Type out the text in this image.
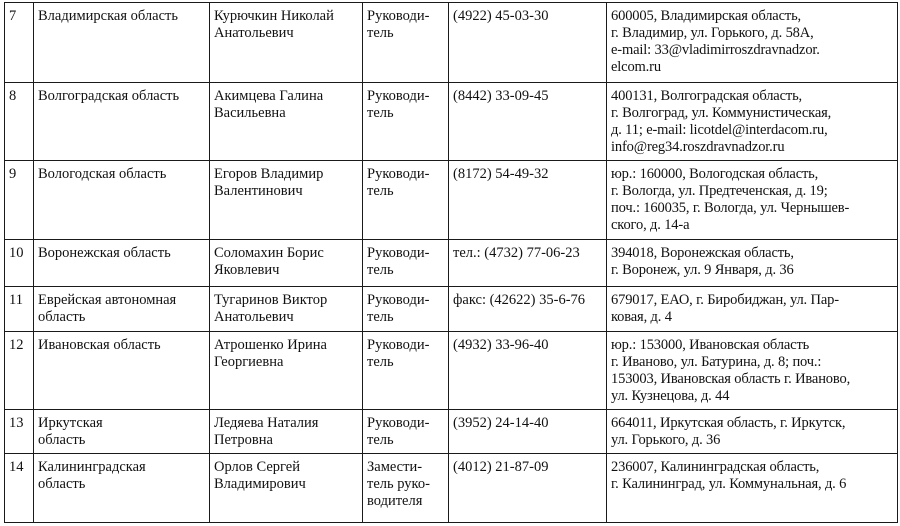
7	Владимирская область	Курючкин Николай
Анатольевич	Руководи-
тель	(4922) 45-03-30	600005, Владимирская область,
г. Владимир, ул. Горького, д. 58А,
e-mail: 33@vladimirroszdravnadzor.
elcom.ru

8	Волгоградская область	Акимцева Галина
Васильевна	Руководи-
тель	(8442) 33-09-45	400131, Волгоградская область,
г. Волгоград, ул. Коммунистическая,
д. 11; e-mail: licotdel@interdacom.ru,
info@reg34.roszdravnadzor.ru

9	Вологодская область	Егоров Владимир
Валентинович	Руководи-
тель	(8172) 54-49-32	юр.: 160000, Вологодская область,
г. Вологда, ул. Предтеченская, д. 19;
поч.: 160035, г. Вологда, ул. Чернышев-
ского, д. 14-а

10	Воронежская область	Соломахин Борис
Яковлевич	Руководи-
тель	тел.: (4732) 77-06-23	394018, Воронежская область,
г. Воронеж, ул. 9 Января, д. 36

11	Еврейская автономная
область	Тугаринов Виктор
Анатольевич	Руководи-
тель	факс: (42622) 35-6-76	679017, ЕАО, г. Биробиджан, ул. Пар-
ковая, д. 4

12	Ивановская область	Атрошенко Ирина
Георгиевна	Руководи-
тель	(4932) 33-96-40	юр.: 153000, Ивановская область
г. Иваново, ул. Батурина, д. 8; поч.:
153003, Ивановская область г. Иваново,
ул. Кузнецова, д. 44

13	Иркутская
область	Ледяева Наталия
Петровна	Руководи-
тель	(3952) 24-14-40	664011, Иркутская область, г. Иркутск,
ул. Горького, д. 36

14	Калининградская
область	Орлов Сергей
Владимирович	Замести-
тель руко-
водителя	(4012) 21-87-09	236007, Калининградская область,
г. Калининград, ул. Коммунальная, д. 6
